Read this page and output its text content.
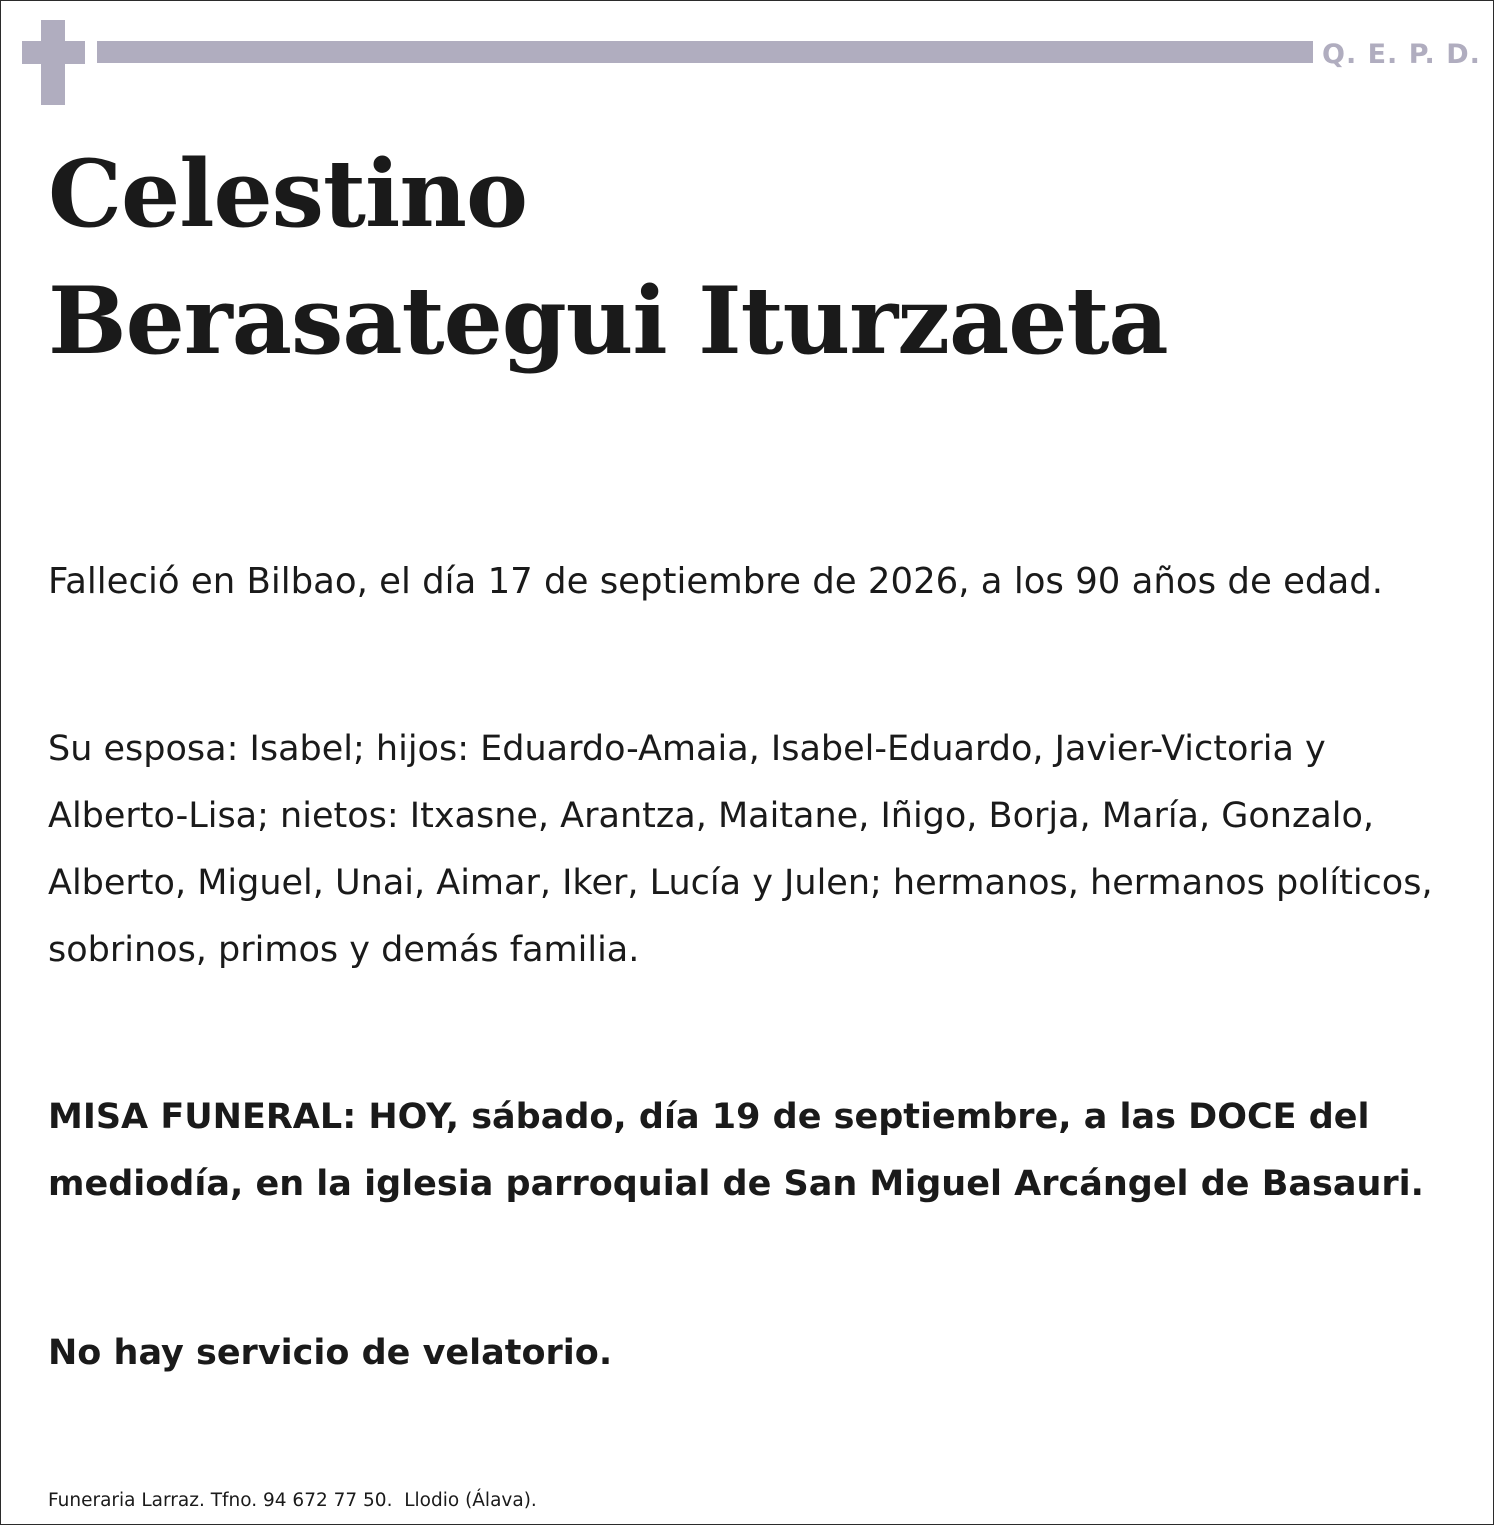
Q. E. P. D.
Celestino
Berasategui Iturzaeta

Falleció en Bilbao, el día 17 de septiembre de 2026, a los 90 años de edad.

Su esposa: Isabel; hijos: Eduardo-Amaia, Isabel-Eduardo, Javier-Victoria y Alberto-Lisa; nietos: Itxasne, Arantza, Maitane, Iñigo, Borja, María, Gonzalo, Alberto, Miguel, Unai, Aimar, Iker, Lucía y Julen; hermanos, hermanos políticos, sobrinos, primos y demás familia.

MISA FUNERAL: HOY, sábado, día 19 de septiembre, a las DOCE del mediodía, en la iglesia parroquial de San Miguel Arcángel de Basauri.

No hay servicio de velatorio.

Funeraria Larraz. Tfno. 94 672 77 50.  Llodio (Álava).
